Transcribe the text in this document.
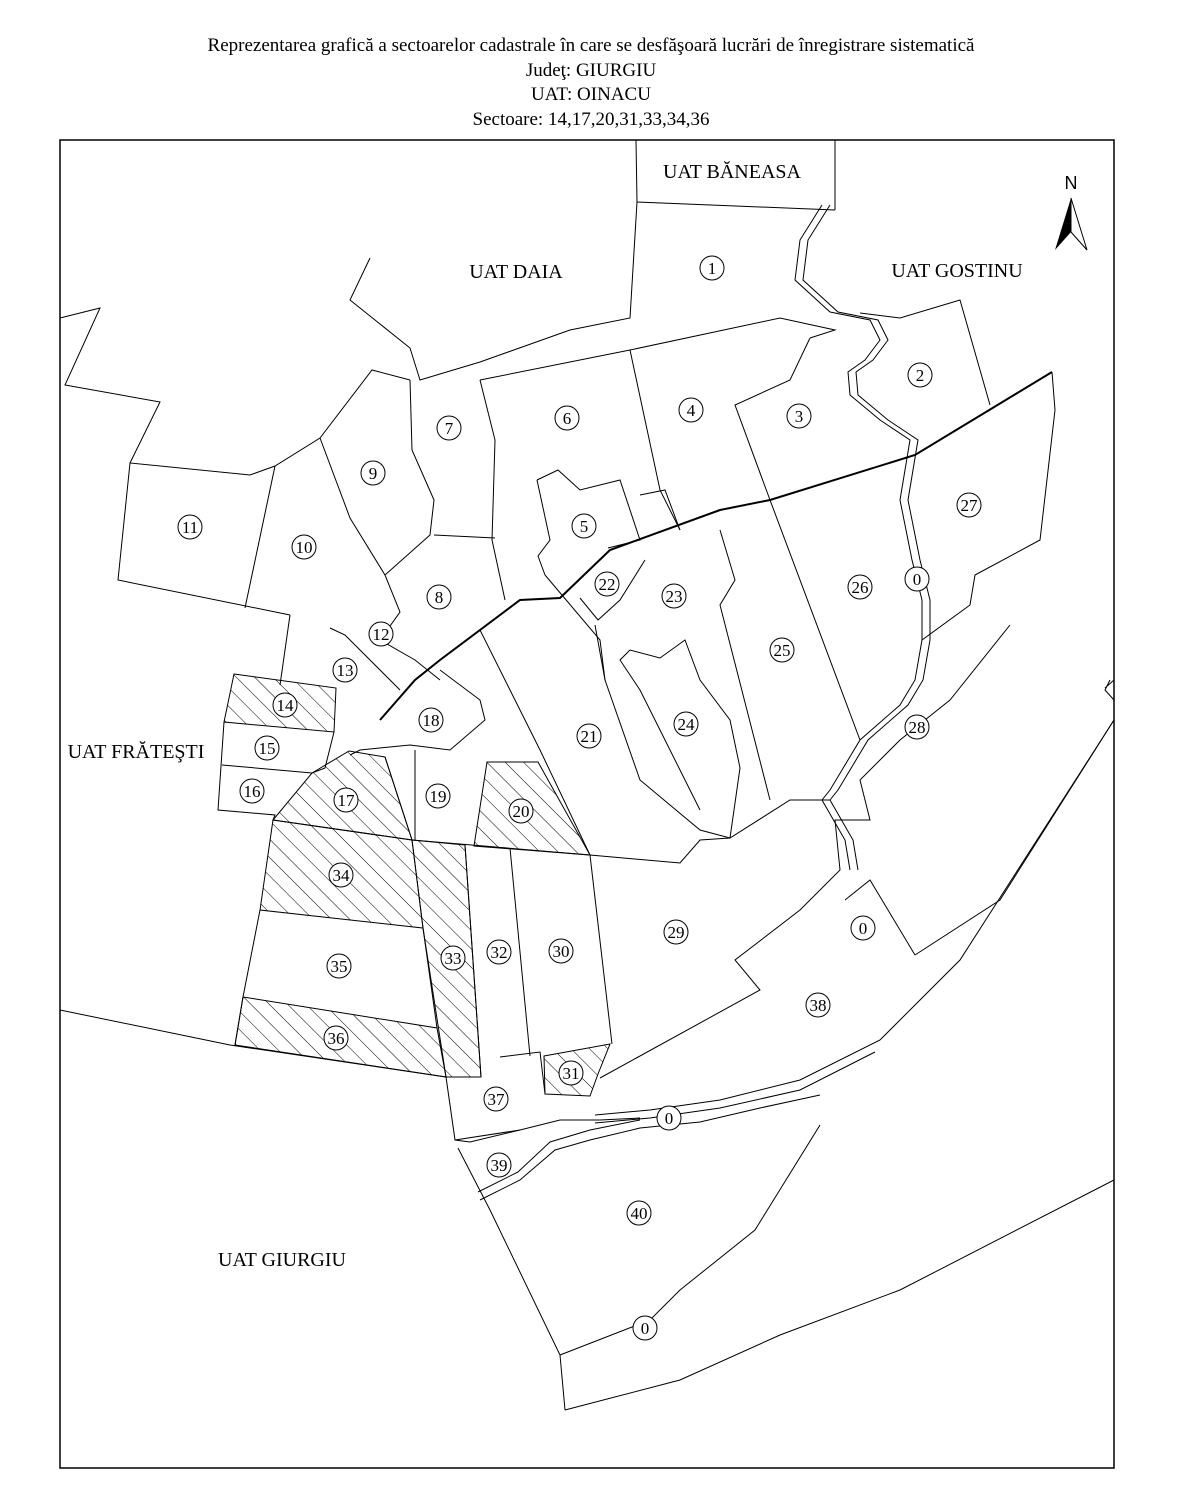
Reprezentarea grafică a sectoarelor cadastrale în care se desfăşoară lucrări de înregistrare sistematică
Judeţ: GIURGIU
UAT: OINACU
Sectoare: 14,17,20,31,33,34,36
UAT BĂNEASA
UAT DAIA	UAT GOSTINU
UAT FRĂTEŞTI
UAT GIURGIU
N
1
2
3
4
5
6
7
8
9
10
11
12
13
14
15
16	17
18
19
20
21
22
23
24
25
26
27
28
29
30
31
32
33
34
35
36
37
38
39
40
0
0
0
0
